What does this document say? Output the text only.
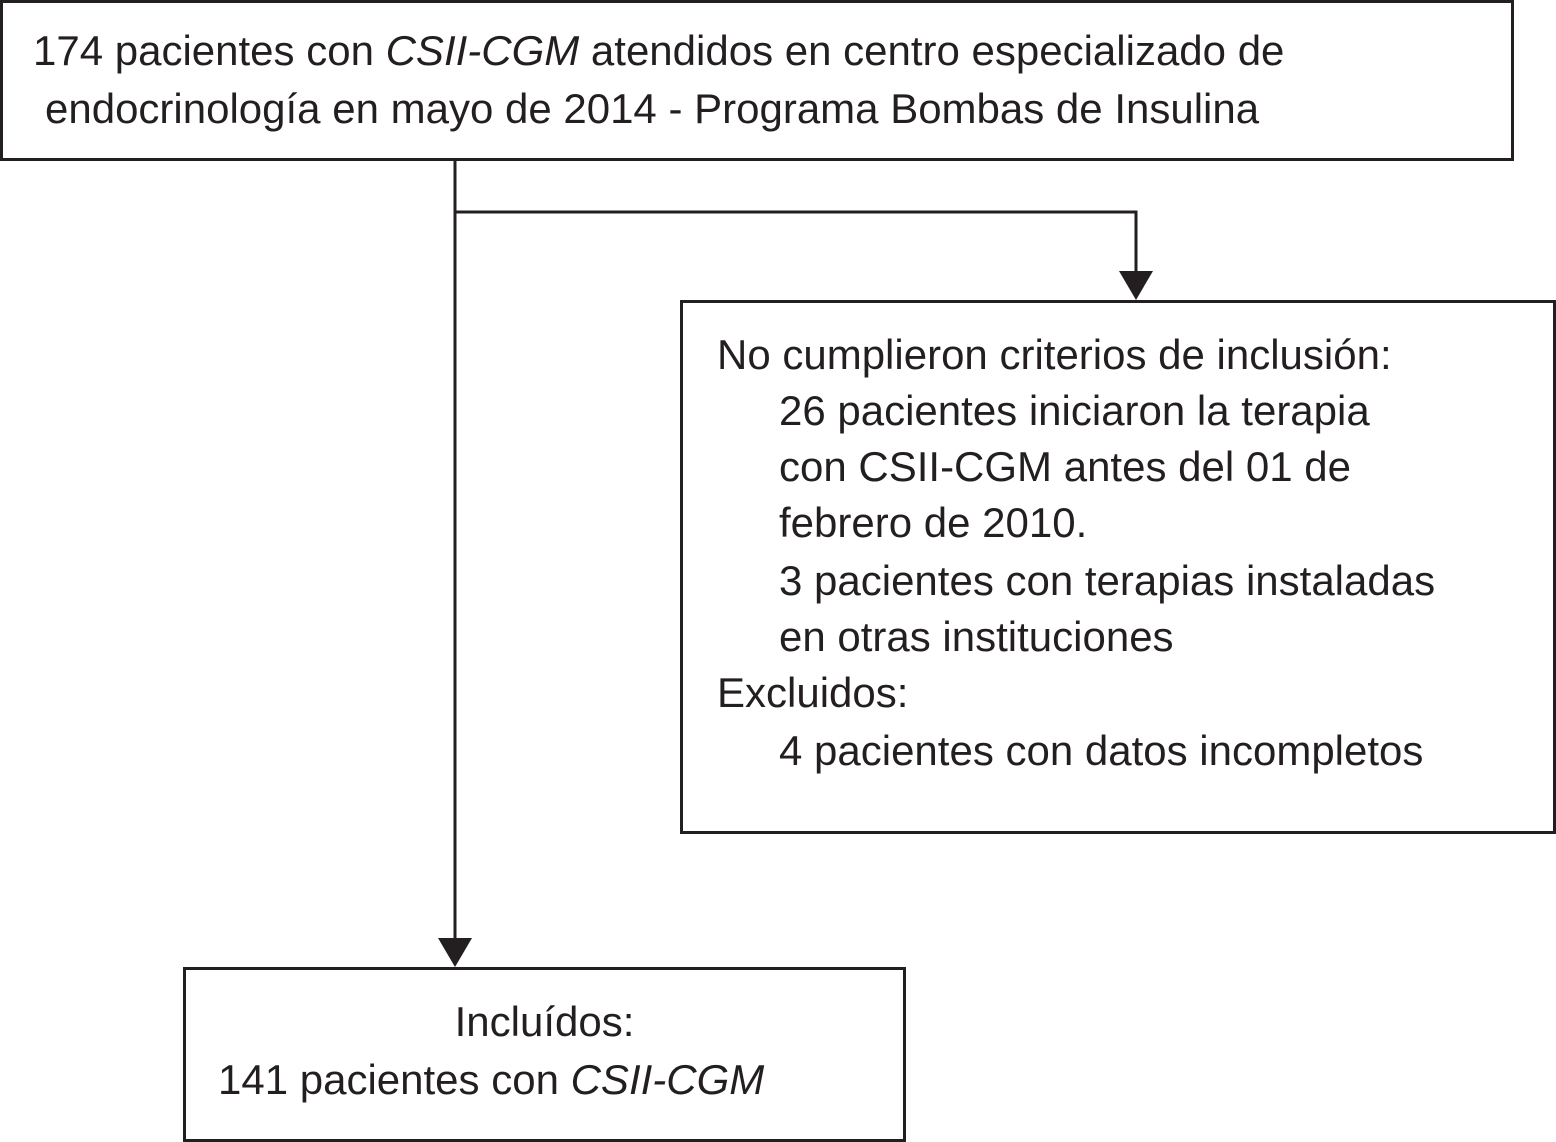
174 pacientes con CSII-CGM atendidos en centro especializado de
endocrinología en mayo de 2014 - Programa Bombas de Insulina
No cumplieron criterios de inclusión:
26 pacientes iniciaron la terapia
con CSII-CGM antes del 01 de
febrero de 2010.
3 pacientes con terapias instaladas
en otras instituciones
Excluidos:
4 pacientes con datos incompletos
Incluídos:
141 pacientes con CSII-CGM
